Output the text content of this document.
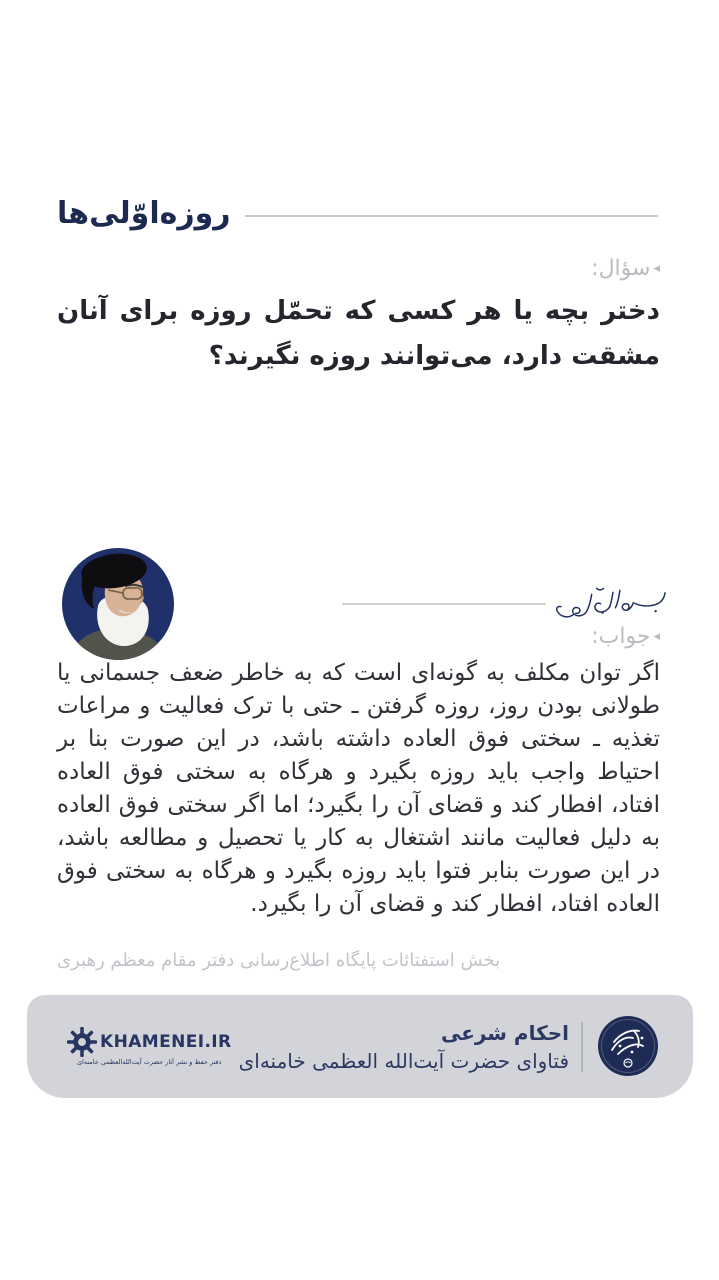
روزه‌اوّلی‌ها
◂
سؤال:

دختر بچه یا هر کسی که تحمّل روزه برای آنان مشقت دارد، می‌توانند روزه نگیرند؟

◂
جواب:

اگر توان مکلف به گونه‌ای است که به خاطر ضعف جسمانی یا طولانی بودن روز، روزه گرفتن ـ حتی با ترک فعالیت و مراعات تغذیه ـ سختی فوق العاده داشته باشد، در این صورت بنا بر احتیاط واجب باید روزه بگیرد و هرگاه به سختی فوق العاده افتاد، افطار کند و قضای آن را بگیرد؛ اما اگر سختی فوق العاده به دلیل فعالیت مانند اشتغال به کار یا تحصیل و مطالعه باشد، در این صورت بنابر فتوا باید روزه بگیرد و هرگاه به سختی فوق العاده افتاد، افطار کند و قضای آن را بگیرد.

بخش استفتائات پایگاه اطلاع‌رسانی دفتر مقام معظم رهبری
احکام شرعی
فتاوای حضرت آیت‌الله العظمی خامنه‌ای
KHAMENEI.IR
دفتر حفظ و نشر آثار حضرت آیت‌الله‌العظمی خامنه‌ای
